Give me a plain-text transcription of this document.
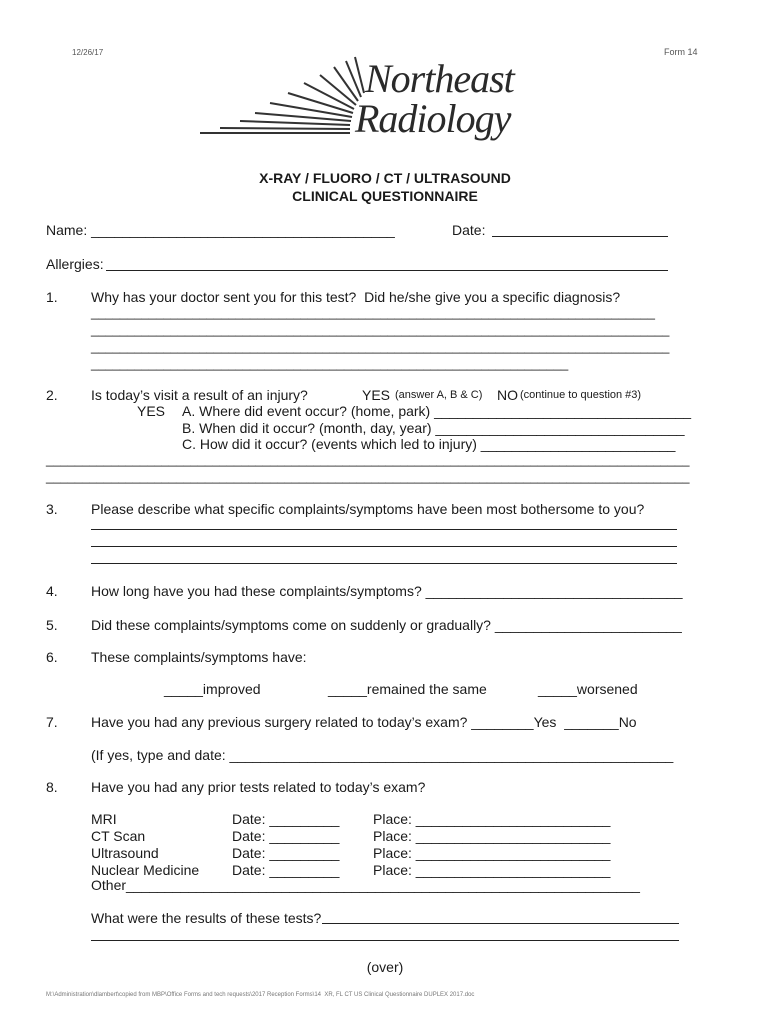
12/26/17	Form 14
Northeast
Radiology
X-RAY / FLUORO / CT / ULTRASOUND
CLINICAL QUESTIONNAIRE
Name: _______________________________________	Date:
Allergies:
1. Why has your doctor sent you for this test?  Did he/she give you a specific diagnosis?
______________________________________________________________________________
________________________________________________________________________________
________________________________________________________________________________
__________________________________________________________________
2. Is today’s visit a result of an injury?	YES (answer A, B & C) NO (continue to question #3)
YES A. Where did event occur? (home, park) _________________________________
B. When did it occur? (month, day, year) ________________________________
C. How did it occur? (events which led to injury) _________________________
_________________________________________________________________________________________
_________________________________________________________________________________________
3. Please describe what specific complaints/symptoms have been most bothersome to you?
4. How long have you had these complaints/symptoms? _________________________________
5. Did these complaints/symptoms come on suddenly or gradually? ________________________
6. These complaints/symptoms have:
_____improved	_____remained the same	_____worsened
7. Have you had any previous surgery related to today’s exam? ________Yes  _______No
(If yes, type and date: _________________________________________________________
8. Have you had any prior tests related to today’s exam?
MRI	Date: _________ Place: _________________________
CT Scan	Date: _________ Place: _________________________
Ultrasound	Date: _________ Place: _________________________
Nuclear Medicine Date: _________ Place: _________________________
Other__________________________________________________________________
What were the results of these tests?
(over)
M:\Administration\dlambert\copied from MBP\Office Forms and tech requests\2017 Reception Forms\14  XR, FL CT US Clinical Questionnaire DUPLEX 2017.doc
